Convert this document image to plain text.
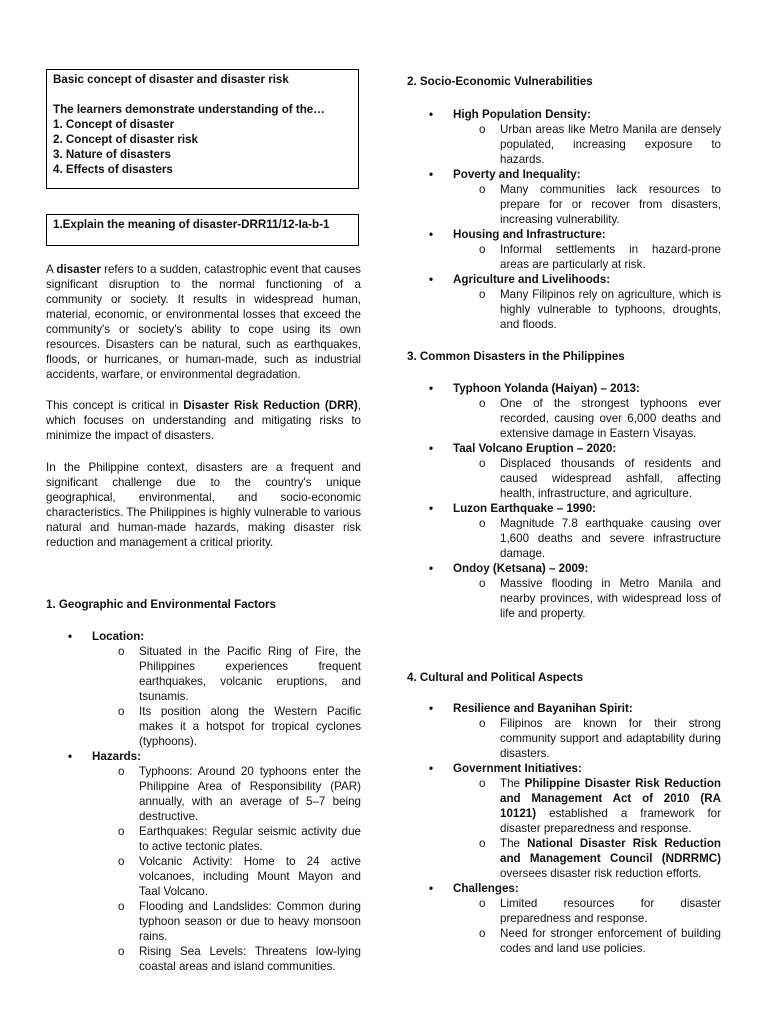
Basic concept of disaster and disaster risk
The learners demonstrate understanding of the…
1. Concept of disaster
2. Concept of disaster risk
3. Nature of disasters
4. Effects of disasters
1.Explain the meaning of disaster-DRR11/12-Ia-b-1

A disaster refers to a sudden, catastrophic event that causes significant disruption to the normal functioning of a community or society. It results in widespread human, material, economic, or environmental losses that exceed the community's or society's ability to cope using its own resources. Disasters can be natural, such as earthquakes, floods, or hurricanes, or human-made, such as industrial accidents, warfare, or environmental degradation.

This concept is critical in Disaster Risk Reduction (DRR), which focuses on understanding and mitigating risks to minimize the impact of disasters.

In the Philippine context, disasters are a frequent and significant challenge due to the country's unique geographical, environmental, and socio-economic characteristics. The Philippines is highly vulnerable to various natural and human-made hazards, making disaster risk reduction and management a critical priority.

1. Geographic and Environmental Factors
• Location:
o Situated in the Pacific Ring of Fire, the Philippines experiences frequent earthquakes, volcanic eruptions, and tsunamis.
o Its position along the Western Pacific makes it a hotspot for tropical cyclones (typhoons).
• Hazards:
o Typhoons: Around 20 typhoons enter the Philippine Area of Responsibility (PAR) annually, with an average of 5–7 being destructive.
o Earthquakes: Regular seismic activity due to active tectonic plates.
o Volcanic Activity: Home to 24 active volcanoes, including Mount Mayon and Taal Volcano.
o Flooding and Landslides: Common during typhoon season or due to heavy monsoon rains.
o Rising Sea Levels: Threatens low-lying coastal areas and island communities.
2. Socio-Economic Vulnerabilities
• High Population Density:
o Urban areas like Metro Manila are densely populated, increasing exposure to hazards.
• Poverty and Inequality:
o Many communities lack resources to prepare for or recover from disasters, increasing vulnerability.
• Housing and Infrastructure:
o Informal settlements in hazard-prone areas are particularly at risk.
• Agriculture and Livelihoods:
o Many Filipinos rely on agriculture, which is highly vulnerable to typhoons, droughts, and floods.
3. Common Disasters in the Philippines
• Typhoon Yolanda (Haiyan) – 2013:
o One of the strongest typhoons ever recorded, causing over 6,000 deaths and extensive damage in Eastern Visayas.
• Taal Volcano Eruption – 2020:
o Displaced thousands of residents and caused widespread ashfall, affecting health, infrastructure, and agriculture.
• Luzon Earthquake – 1990:
o Magnitude 7.8 earthquake causing over 1,600 deaths and severe infrastructure damage.
• Ondoy (Ketsana) – 2009:
o Massive flooding in Metro Manila and nearby provinces, with widespread loss of life and property.
4. Cultural and Political Aspects
• Resilience and Bayanihan Spirit:
o Filipinos are known for their strong community support and adaptability during disasters.
• Government Initiatives:
o The Philippine Disaster Risk Reduction and Management Act of 2010 (RA 10121) established a framework for disaster preparedness and response.
o The National Disaster Risk Reduction and Management Council (NDRRMC) oversees disaster risk reduction efforts.
• Challenges:
o Limited resources for disaster preparedness and response.
o Need for stronger enforcement of building codes and land use policies.
